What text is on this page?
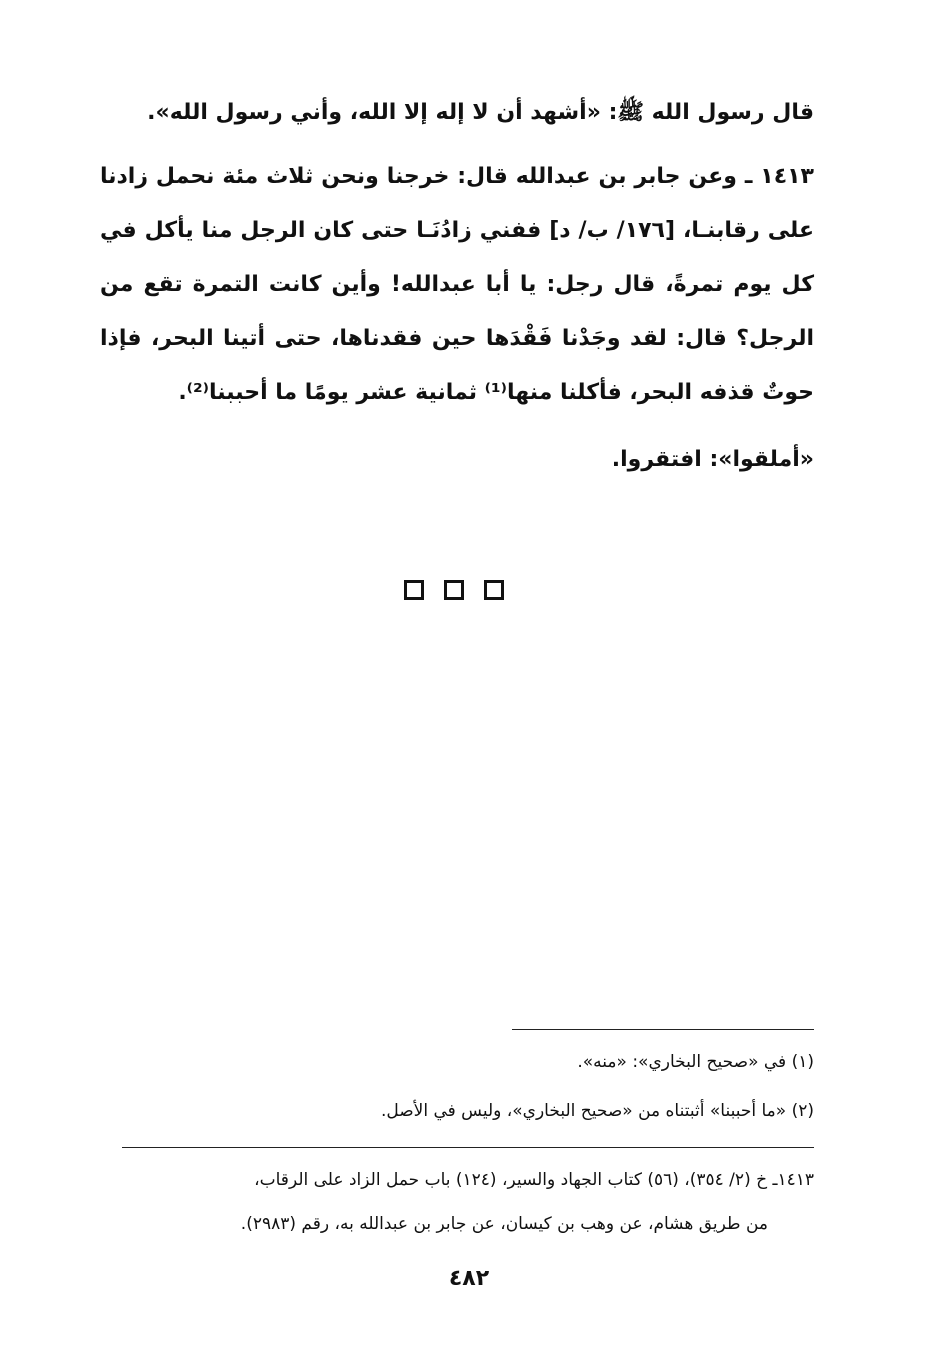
قال رسول الله ﷺ: «أشهد أن لا إله إلا الله، وأني رسول الله».

١٤١٣ ـ وعن جابر بن عبدالله قال: خرجنا ونحن ثلاث مئة نحمل زادنا على رقابنـا، [١٧٦/ ب/ د] ففني زادُنَـا حتى كان الرجل منا يأكل في كل يوم تمرةً، قال رجل: يا أبا عبدالله! وأين كانت التمرة تقع من الرجل؟ قال: لقد وجَدْنا فَقْدَها حين فقدناها، حتى أتينا البحر، فإذا حوتٌ قذفه البحر، فأكلنا منها⁽¹⁾ ثمانية عشر يومًا ما أحببنا⁽²⁾.

«أملقوا»: افتقروا.

(١) في «صحيح البخاري»: «منه».

(٢) «ما أحببنا» أثبتناه من «صحيح البخاري»، وليس في الأصل.

١٤١٣ـ خ (٢/ ٣٥٤)، (٥٦) كتاب الجهاد والسير، (١٢٤) باب حمل الزاد على الرقاب،
من طريق هشام، عن وهب بن كيسان، عن جابر بن عبدالله به، رقم (٢٩٨٣).

٤٨٢
